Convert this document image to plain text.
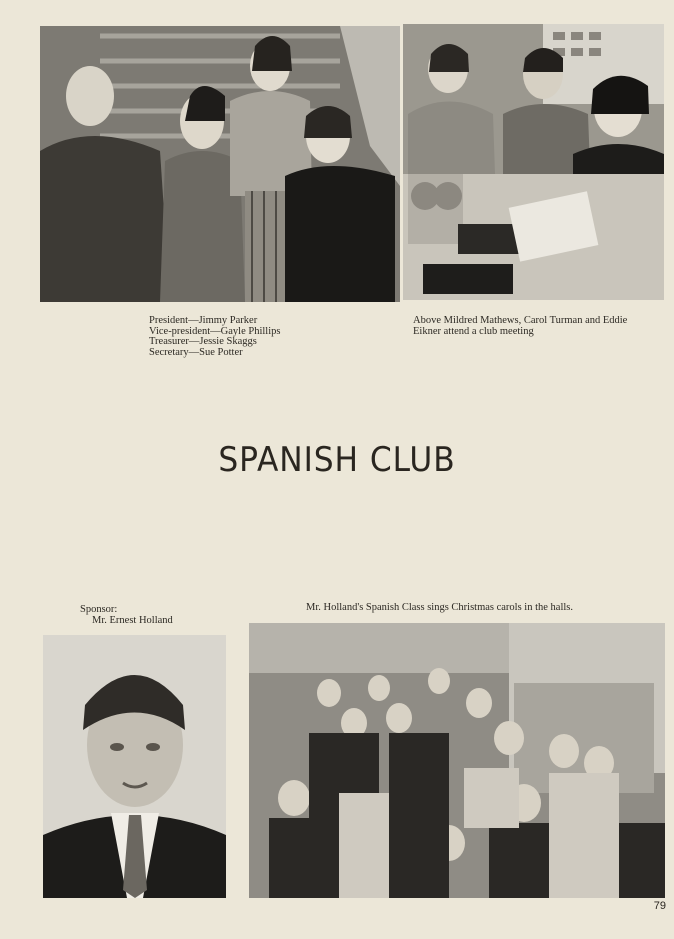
President—Jimmy Parker
Vice-president—Gayle Phillips
Treasurer—Jessie Skaggs
Secretary—Sue Potter
Above Mildred Mathews, Carol Turman and Eddie
Eikner attend a club meeting
SPANISH CLUB
Sponsor:
Mr. Ernest Holland
Mr. Holland's Spanish Class sings Christmas carols in the halls.
79
